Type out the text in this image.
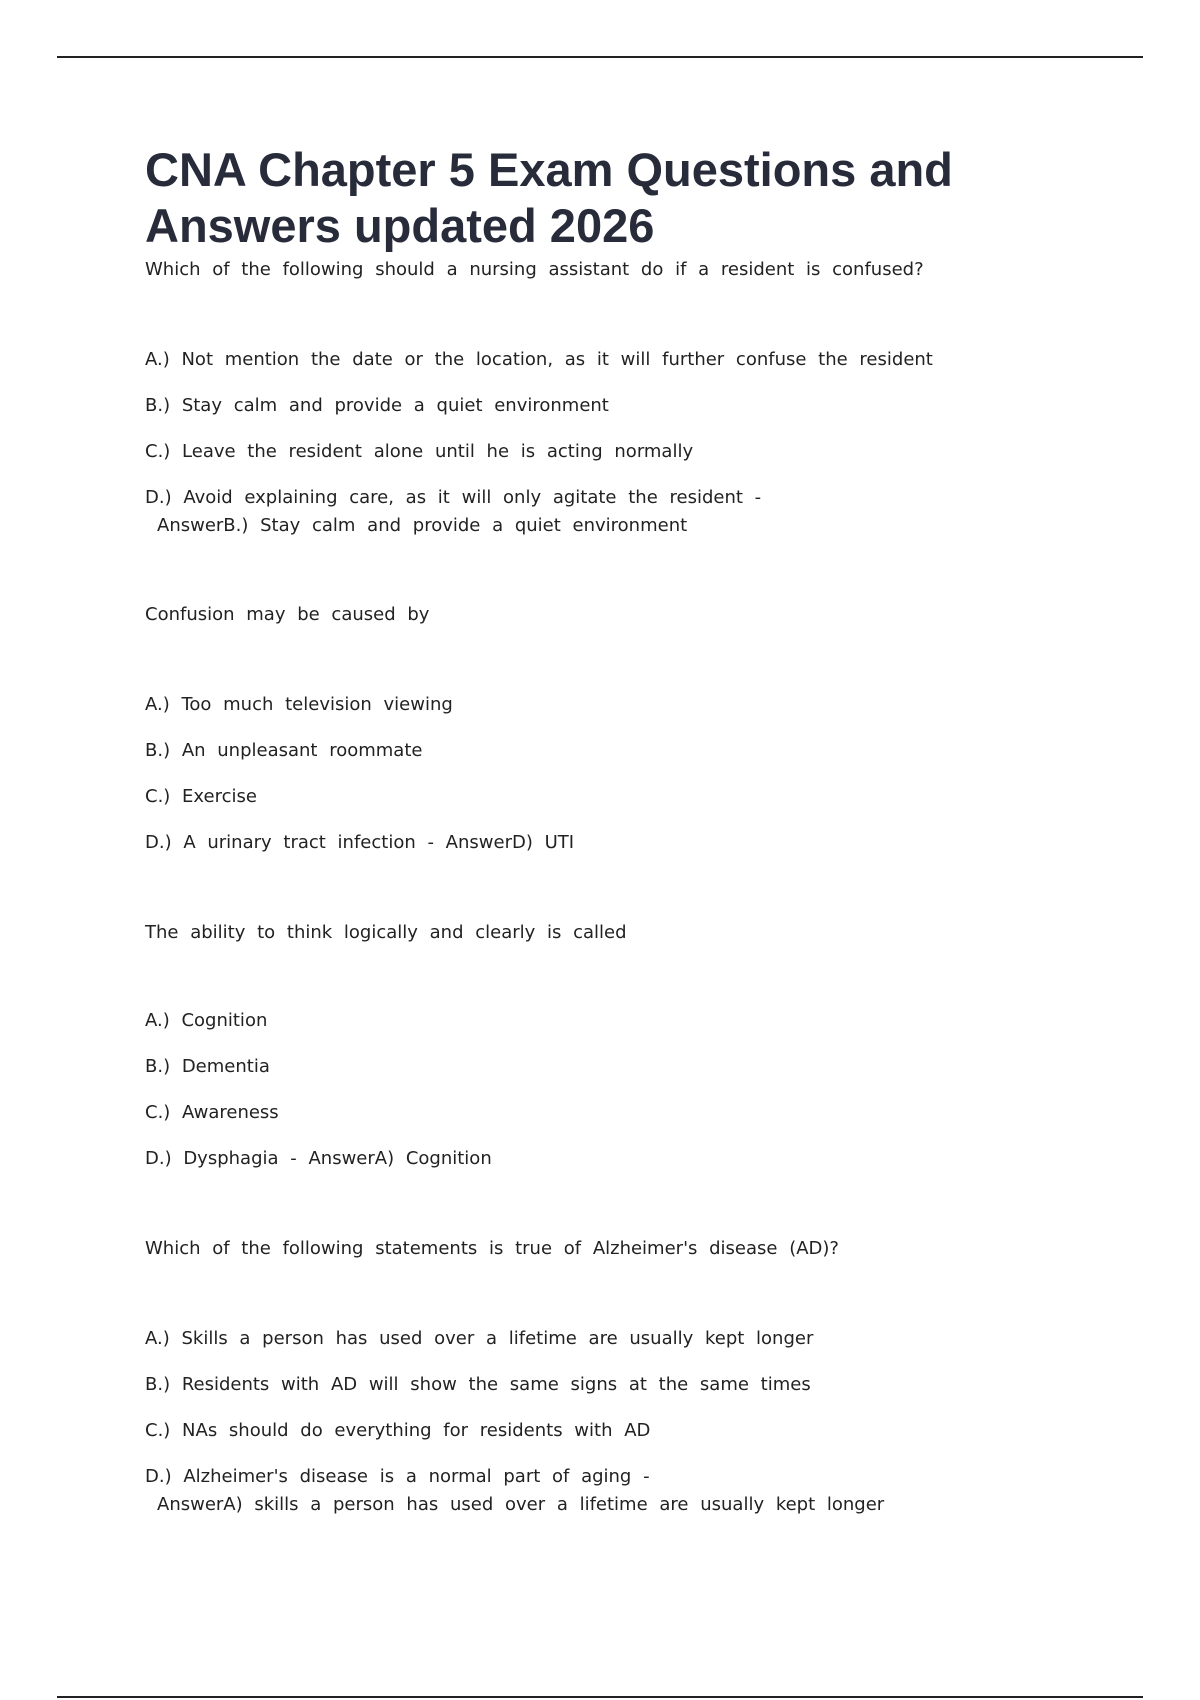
CNA Chapter 5 Exam Questions and Answers updated 2026

Which of the following should a nursing assistant do if a resident is confused?

A.) Not mention the date or the location, as it will further confuse the resident

B.) Stay calm and provide a quiet environment

C.) Leave the resident alone until he is acting normally

D.) Avoid explaining care, as it will only agitate the resident -
AnswerB.) Stay calm and provide a quiet environment

Confusion may be caused by

A.) Too much television viewing

B.) An unpleasant roommate

C.) Exercise

D.) A urinary tract infection - AnswerD) UTI

The ability to think logically and clearly is called

A.) Cognition

B.) Dementia

C.) Awareness

D.) Dysphagia - AnswerA) Cognition

Which of the following statements is true of Alzheimer's disease (AD)?

A.) Skills a person has used over a lifetime are usually kept longer

B.) Residents with AD will show the same signs at the same times

C.) NAs should do everything for residents with AD

D.) Alzheimer's disease is a normal part of aging -
AnswerA) skills a person has used over a lifetime are usually kept longer
